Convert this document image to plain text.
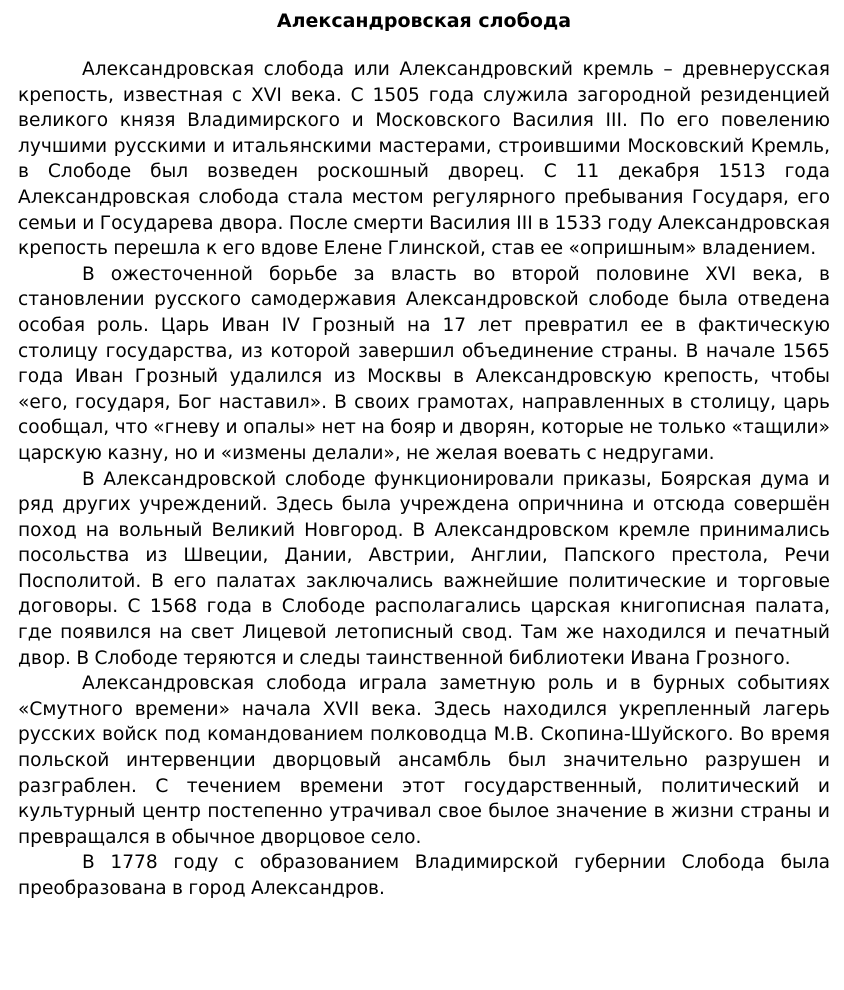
Александровская слобода

Александровская слобода или Александровский кремль – древнерусская крепость, известная с XVI века. С 1505 года служила загородной резиденцией великого князя Владимирского и Московского Василия III. По его повелению лучшими русскими и итальянскими мастерами, строившими Московский Кремль, в Слободе был возведен роскошный дворец. С 11 декабря 1513 года Александровская слобода стала местом регулярного пребывания Государя, его семьи и Государева двора. После смерти Василия III в 1533 году Александровская крепость перешла к его вдове Елене Глинской, став ее «опришным» владением.

В ожесточенной борьбе за власть во второй половине XVI века, в становлении русского самодержавия Александровской слободе была отведена особая роль. Царь Иван IV Грозный на 17 лет превратил ее в фактическую столицу государства, из которой завершил объединение страны. В начале 1565 года Иван Грозный удалился из Москвы в Александровскую крепость, чтобы «его, государя, Бог наставил». В своих грамотах, направленных в столицу, царь сообщал, что «гневу и опалы» нет на бояр и дворян, которые не только «тащили» царскую казну, но и «измены делали», не желая воевать с недругами.

В Александровской слободе функционировали приказы, Боярская дума и ряд других учреждений. Здесь была учреждена опричнина и отсюда совершён поход на вольный Великий Новгород. В Александровском кремле принимались посольства из Швеции, Дании, Австрии, Англии, Папского престола, Речи Посполитой. В его палатах заключались важнейшие политические и торговые договоры. С 1568 года в Слободе располагались царская книгописная палата, где появился на свет Лицевой летописный свод. Там же находился и печатный двор. В Слободе теряются и следы таинственной библиотеки Ивана Грозного.

Александровская слобода играла заметную роль и в бурных событиях «Смутного времени» начала XVII века. Здесь находился укрепленный лагерь русских войск под командованием полководца М.В. Скопина-Шуйского. Во время польской интервенции дворцовый ансамбль был значительно разрушен и разграблен. С течением времени этот государственный, политический и культурный центр постепенно утрачивал свое былое значение в жизни страны и превращался в обычное дворцовое село.

В 1778 году с образованием Владимирской губернии Слобода была преобразована в город Александров.
